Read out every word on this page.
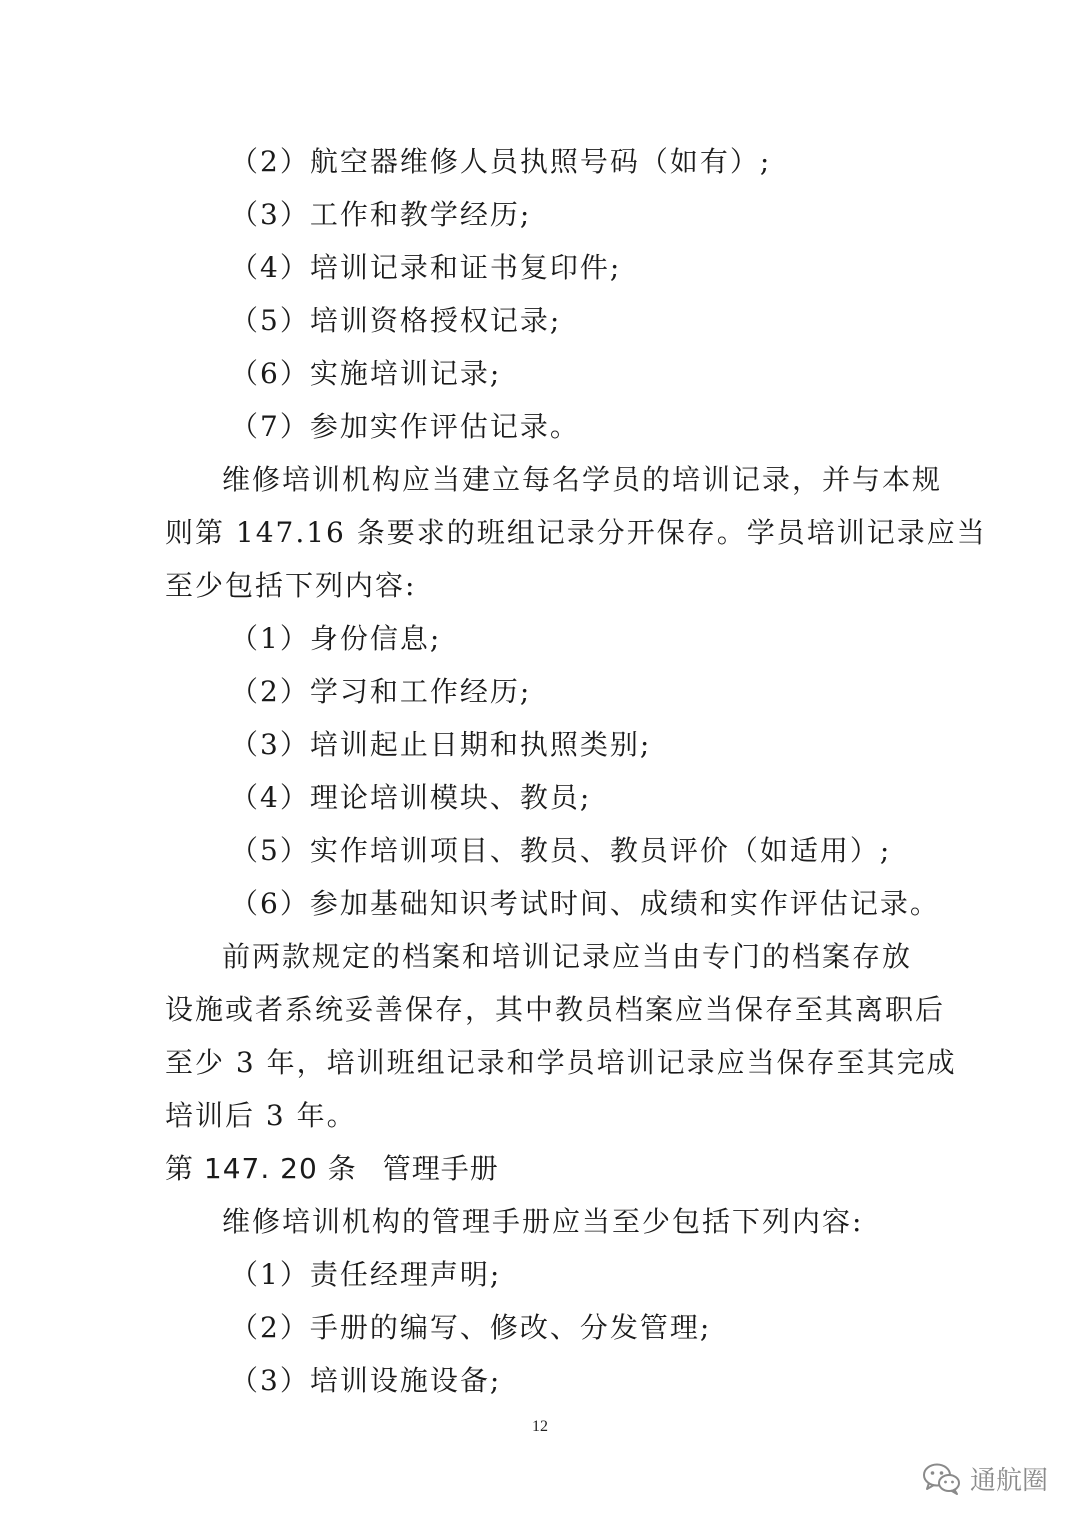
（2）航空器维修人员执照号码（如有）;
（3）工作和教学经历;
（4）培训记录和证书复印件;
（5）培训资格授权记录;
（6）实施培训记录;
（7）参加实作评估记录。
维修培训机构应当建立每名学员的培训记录，并与本规
则第 147.16 条要求的班组记录分开保存。学员培训记录应当
至少包括下列内容:
（1）身份信息;
（2）学习和工作经历;
（3）培训起止日期和执照类别;
（4）理论培训模块、教员;
（5）实作培训项目、教员、教员评价（如适用）;
（6）参加基础知识考试时间、成绩和实作评估记录。
前两款规定的档案和培训记录应当由专门的档案存放
设施或者系统妥善保存，其中教员档案应当保存至其离职后
至少 3 年，培训班组记录和学员培训记录应当保存至其完成
培训后 3 年。
第 147. 20 条 管理手册
维修培训机构的管理手册应当至少包括下列内容:
（1）责任经理声明;
（2）手册的编写、修改、分发管理;
（3）培训设施设备;
12
通航圈
